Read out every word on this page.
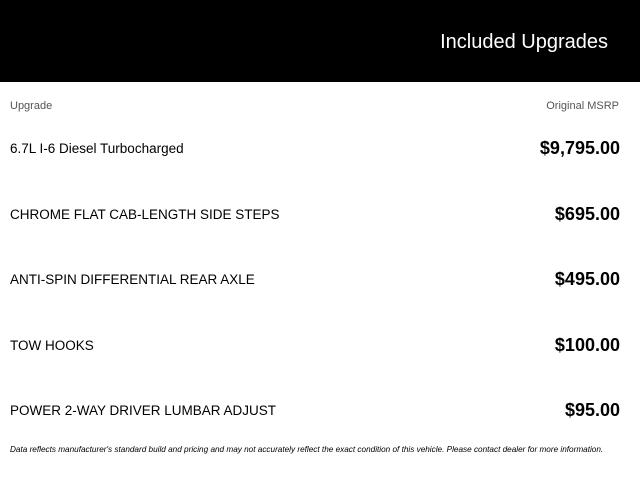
Included Upgrades
Upgrade	Original MSRP
6.7L I-6 Diesel Turbocharged	$9,795.00
CHROME FLAT CAB-LENGTH SIDE STEPS	$695.00
ANTI-SPIN DIFFERENTIAL REAR AXLE	$495.00
TOW HOOKS	$100.00
POWER 2-WAY DRIVER LUMBAR ADJUST	$95.00
Data reflects manufacturer's standard build and pricing and may not accurately reflect the exact condition of this vehicle. Please contact dealer for more information.
